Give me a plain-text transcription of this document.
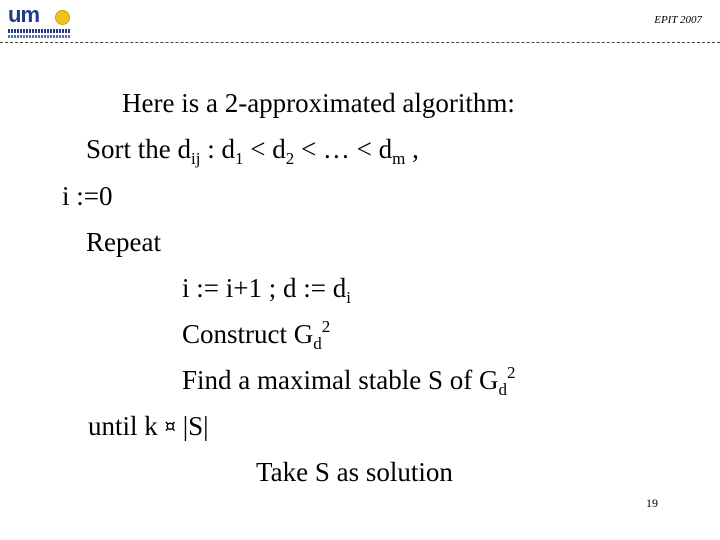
um	EPIT 2007
Here is a 2-approximated algorithm:
Sort the $d_{ij}$ : $d_1 < d_2$ < … < $d_m$ ,
i :=0
Repeat
i := i+1 ; d := $d_i$
Construct $G_d^2$
Find a maximal stable S of $G_d^2$
until k ¤ |S|
Take S as solution
19
